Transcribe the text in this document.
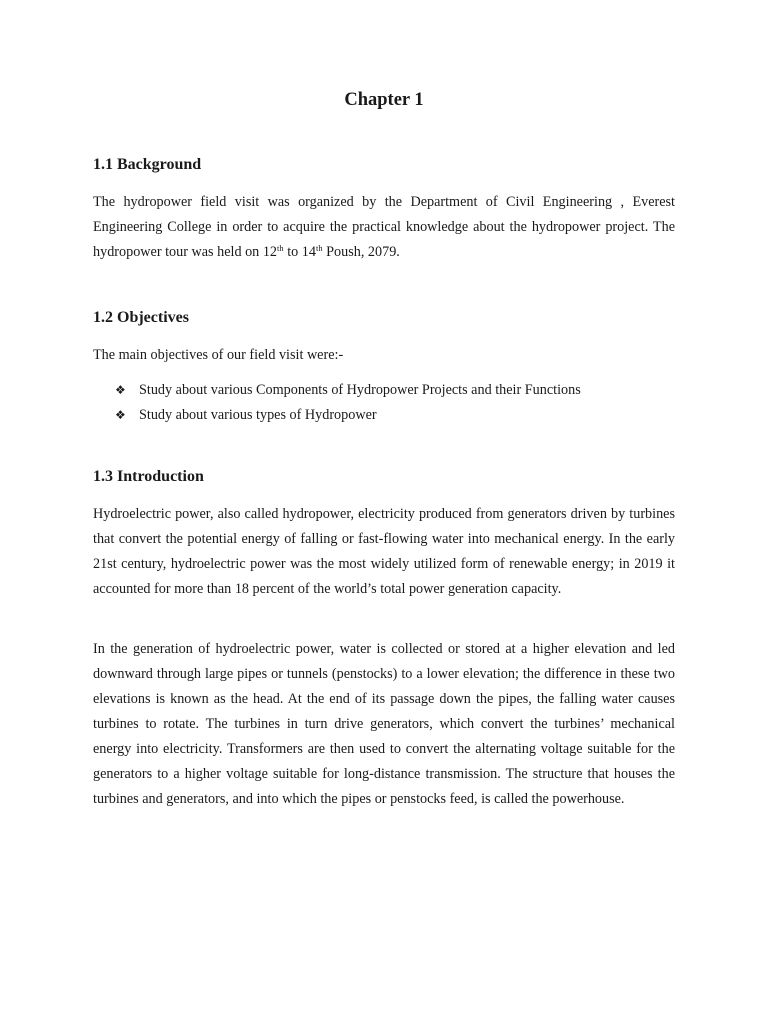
Chapter 1
1.1 Background

The hydropower field visit was organized by the Department of Civil Engineering , Everest Engineering College in order to acquire the practical knowledge about the hydropower project. The hydropower tour was held on 12th to 14th Poush, 2079.

1.2 Objectives

The main objectives of our field visit were:-

❖ Study about various Components of Hydropower Projects and their Functions
❖ Study about various types of Hydropower
1.3 Introduction

Hydroelectric power, also called hydropower, electricity produced from generators driven by turbines that convert the potential energy of falling or fast-flowing water into mechanical energy. In the early 21st century, hydroelectric power was the most widely utilized form of renewable energy; in 2019 it accounted for more than 18 percent of the world’s total power generation capacity.

In the generation of hydroelectric power, water is collected or stored at a higher elevation and led downward through large pipes or tunnels (penstocks) to a lower elevation; the difference in these two elevations is known as the head. At the end of its passage down the pipes, the falling water causes turbines to rotate. The turbines in turn drive generators, which convert the turbines’ mechanical energy into electricity. Transformers are then used to convert the alternating voltage suitable for the generators to a higher voltage suitable for long-distance transmission. The structure that houses the turbines and generators, and into which the pipes or penstocks feed, is called the powerhouse.
